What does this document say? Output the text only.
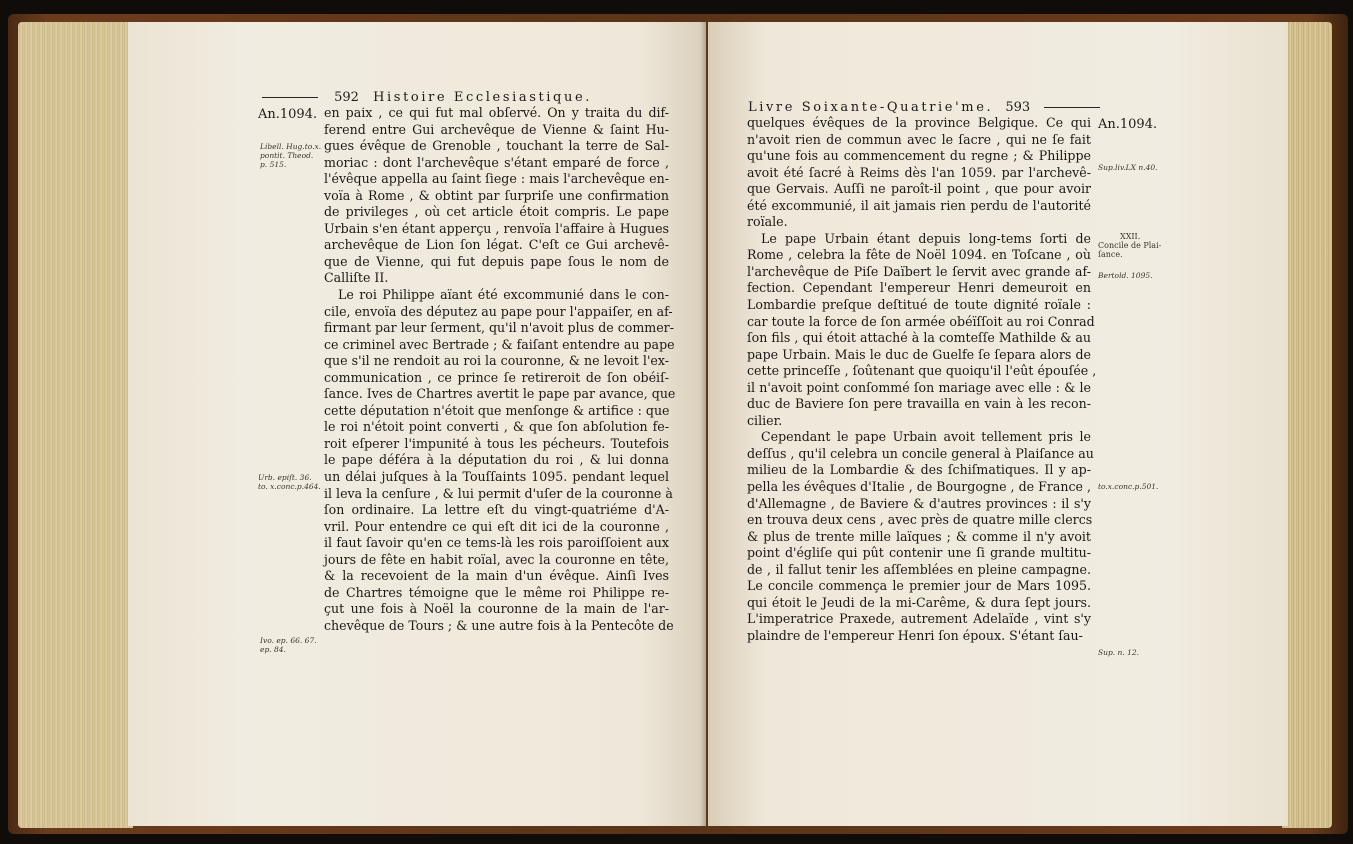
592 Histoire Ecclesiastique.
An.1094.
Libell. Hug.to.x.
pontit. Theod.
p. 515.
Urb. epiſt. 36.
to. x.conc.p.464.
Ivo. ep. 66. 67.
ep. 84.
en paix , ce qui fut mal obſervé. On y traita du dif-
ferend entre Gui archevêque de Vienne & ſaint Hu-
gues évêque de Grenoble , touchant la terre de Sal-
moriac : dont l'archevêque s'étant emparé de force ,
l'évêque appella au ſaint ſiege : mais l'archevêque en-
voïa à Rome , & obtint par ſurpriſe une confirmation
de privileges , où cet article étoit compris. Le pape
Urbain s'en étant apperçu , renvoïa l'affaire à Hugues
archevêque de Lion ſon légat. C'eſt ce Gui archevê-
que de Vienne, qui fut depuis pape ſous le nom de
Calliſte II.
Le roi Philippe aïant été excommunié dans le con-
cile, envoïa des députez au pape pour l'appaiſer, en af-
firmant par leur ſerment, qu'il n'avoit plus de commer-
ce criminel avec Bertrade ; & faiſant entendre au pape
que s'il ne rendoit au roi la couronne, & ne levoit l'ex-
communication , ce prince ſe retireroit de ſon obéiſ-
ſance. Ives de Chartres avertit le pape par avance, que
cette députation n'étoit que menſonge & artifice : que
le roi n'étoit point converti , & que ſon abſolution fe-
roit eſperer l'impunité à tous les pécheurs. Toutefois
le pape déféra à la députation du roi , & lui donna
un délai juſques à la Touſſaints 1095. pendant lequel
il leva la cenſure , & lui permit d'uſer de la couronne à
ſon ordinaire. La lettre eſt du vingt-quatriéme d'A-
vril. Pour entendre ce qui eſt dit ici de la couronne ,
il faut ſavoir qu'en ce tems-là les rois paroiſſoient aux
jours de fête en habit roïal, avec la couronne en tête,
& la recevoient de la main d'un évêque. Ainſi Ives
de Chartres témoigne que le même roi Philippe re-
çut une fois à Noël la couronne de la main de l'ar-
chevêque de Tours ; & une autre fois à la Pentecôte de
Livre Soixante-Quatrie'me. 593
An.1094.
Sup.liv.LX n.40.
XXII.
Concile de Plai-
ſance.
Bertold. 1095.
to.x.conc.p.501.
Sup. n. 12.
quelques évêques de la province Belgique. Ce qui
n'avoit rien de commun avec le ſacre , qui ne ſe fait
qu'une fois au commencement du regne ; & Philippe
avoit été ſacré à Reims dès l'an 1059. par l'archevê-
que Gervais. Auſſi ne paroît-il point , que pour avoir
été excommunié, il ait jamais rien perdu de l'autorité
roïale.
Le pape Urbain étant depuis long-tems ſorti de
Rome , celebra la fête de Noël 1094. en Toſcane , où
l'archevêque de Piſe Daïbert le ſervit avec grande af-
fection. Cependant l'empereur Henri demeuroit en
Lombardie preſque deſtitué de toute dignité roïale :
car toute la force de ſon armée obéïſſoit au roi Conrad
ſon fils , qui étoit attaché à la comteſſe Mathilde & au
pape Urbain. Mais le duc de Guelfe ſe ſepara alors de
cette princeſſe , ſoûtenant que quoiqu'il l'eût épouſée ,
il n'avoit point conſommé ſon mariage avec elle : & le
duc de Baviere ſon pere travailla en vain à les recon-
cilier.
Cependant le pape Urbain avoit tellement pris le
deſſus , qu'il celebra un concile general à Plaiſance au
milieu de la Lombardie & des ſchiſmatiques. Il y ap-
pella les évêques d'Italie , de Bourgogne , de France ,
d'Allemagne , de Baviere & d'autres provinces : il s'y
en trouva deux cens , avec près de quatre mille clercs
& plus de trente mille laïques ; & comme il n'y avoit
point d'égliſe qui pût contenir une ſi grande multitu-
de , il fallut tenir les aſſemblées en pleine campagne.
Le concile commença le premier jour de Mars 1095.
qui étoit le Jeudi de la mi-Carême, & dura ſept jours.
L'imperatrice Praxede, autrement Adelaïde , vint s'y
plaindre de l'empereur Henri ſon époux. S'étant ſau-
